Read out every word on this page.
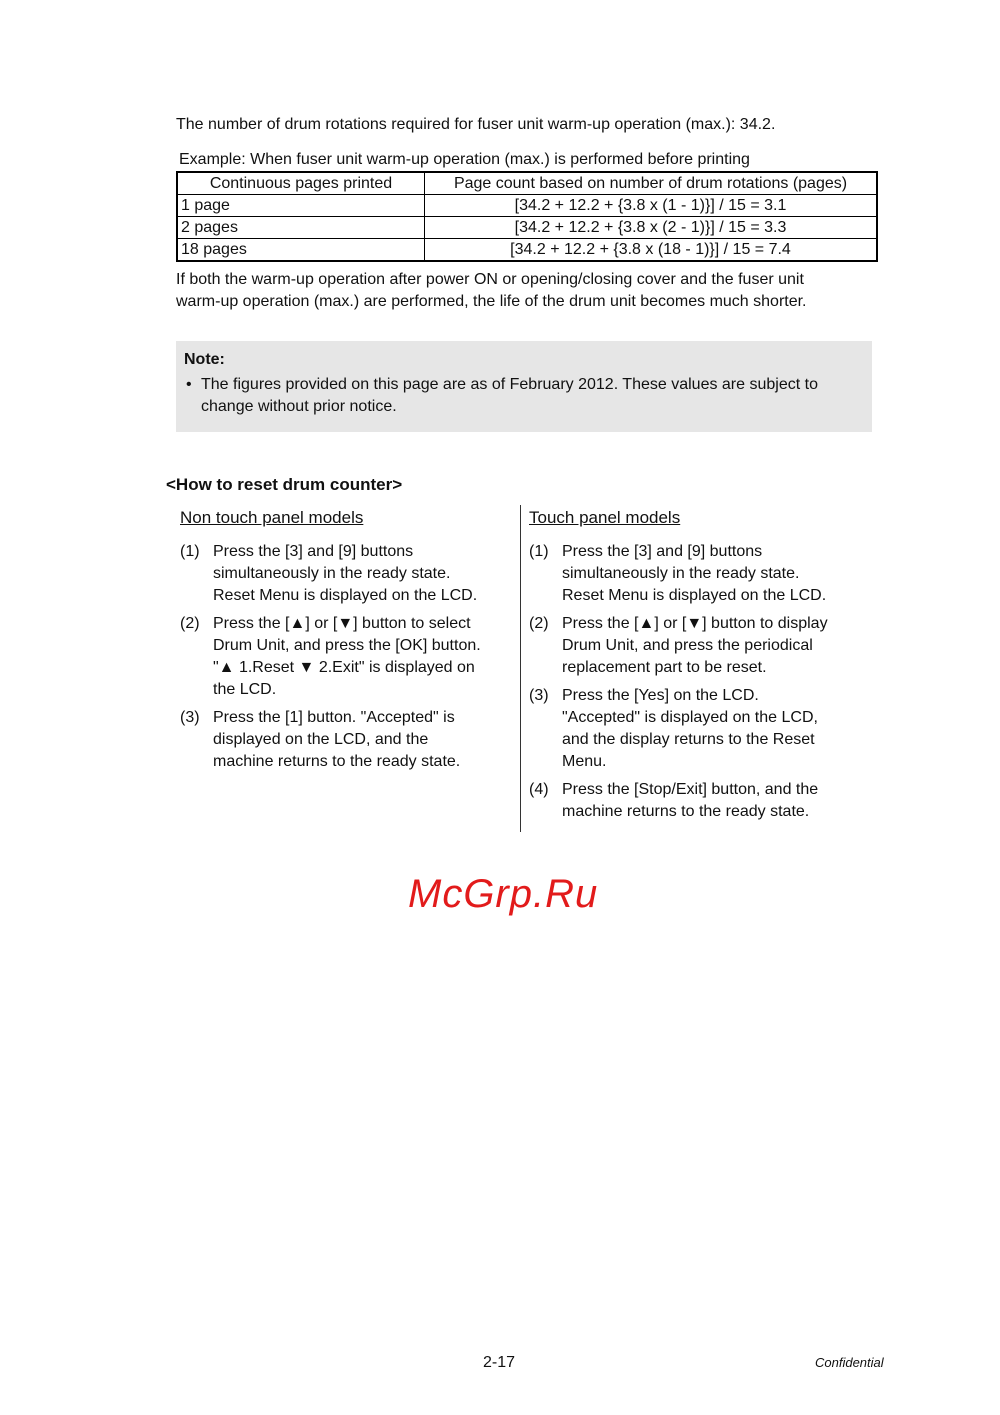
The number of drum rotations required for fuser unit warm-up operation (max.): 34.2.
Example: When fuser unit warm-up operation (max.) is performed before printing
Continuous pages printed	Page count based on number of drum rotations (pages)
1 page	[34.2 + 12.2 + {3.8 x (1 - 1)}] / 15 = 3.1
2 pages	[34.2 + 12.2 + {3.8 x (2 - 1)}] / 15 = 3.3
18 pages	[34.2 + 12.2 + {3.8 x (18 - 1)}] / 15 = 7.4
If both the warm-up operation after power ON or opening/closing cover and the fuser unit
warm-up operation (max.) are performed, the life of the drum unit becomes much shorter.
Note:
• The figures provided on this page are as of February 2012. These values are subject to
change without prior notice.
<How to reset drum counter>
Non touch panel models	Touch panel models
(1) Press the [3] and [9] buttons
simultaneously in the ready state.
Reset Menu is displayed on the LCD.
(2) Press the [▲] or [▼] button to select
Drum Unit, and press the [OK] button.
"▲ 1.Reset ▼ 2.Exit" is displayed on
the LCD.
(3) Press the [1] button. "Accepted" is
displayed on the LCD, and the
machine returns to the ready state.
(1) Press the [3] and [9] buttons
simultaneously in the ready state.
Reset Menu is displayed on the LCD.
(2) Press the [▲] or [▼] button to display
Drum Unit, and press the periodical
replacement part to be reset.
(3) Press the [Yes] on the LCD.
"Accepted" is displayed on the LCD,
and the display returns to the Reset
Menu.
(4) Press the [Stop/Exit] button, and the
machine returns to the ready state.
McGrp.Ru
2-17	Confidential
